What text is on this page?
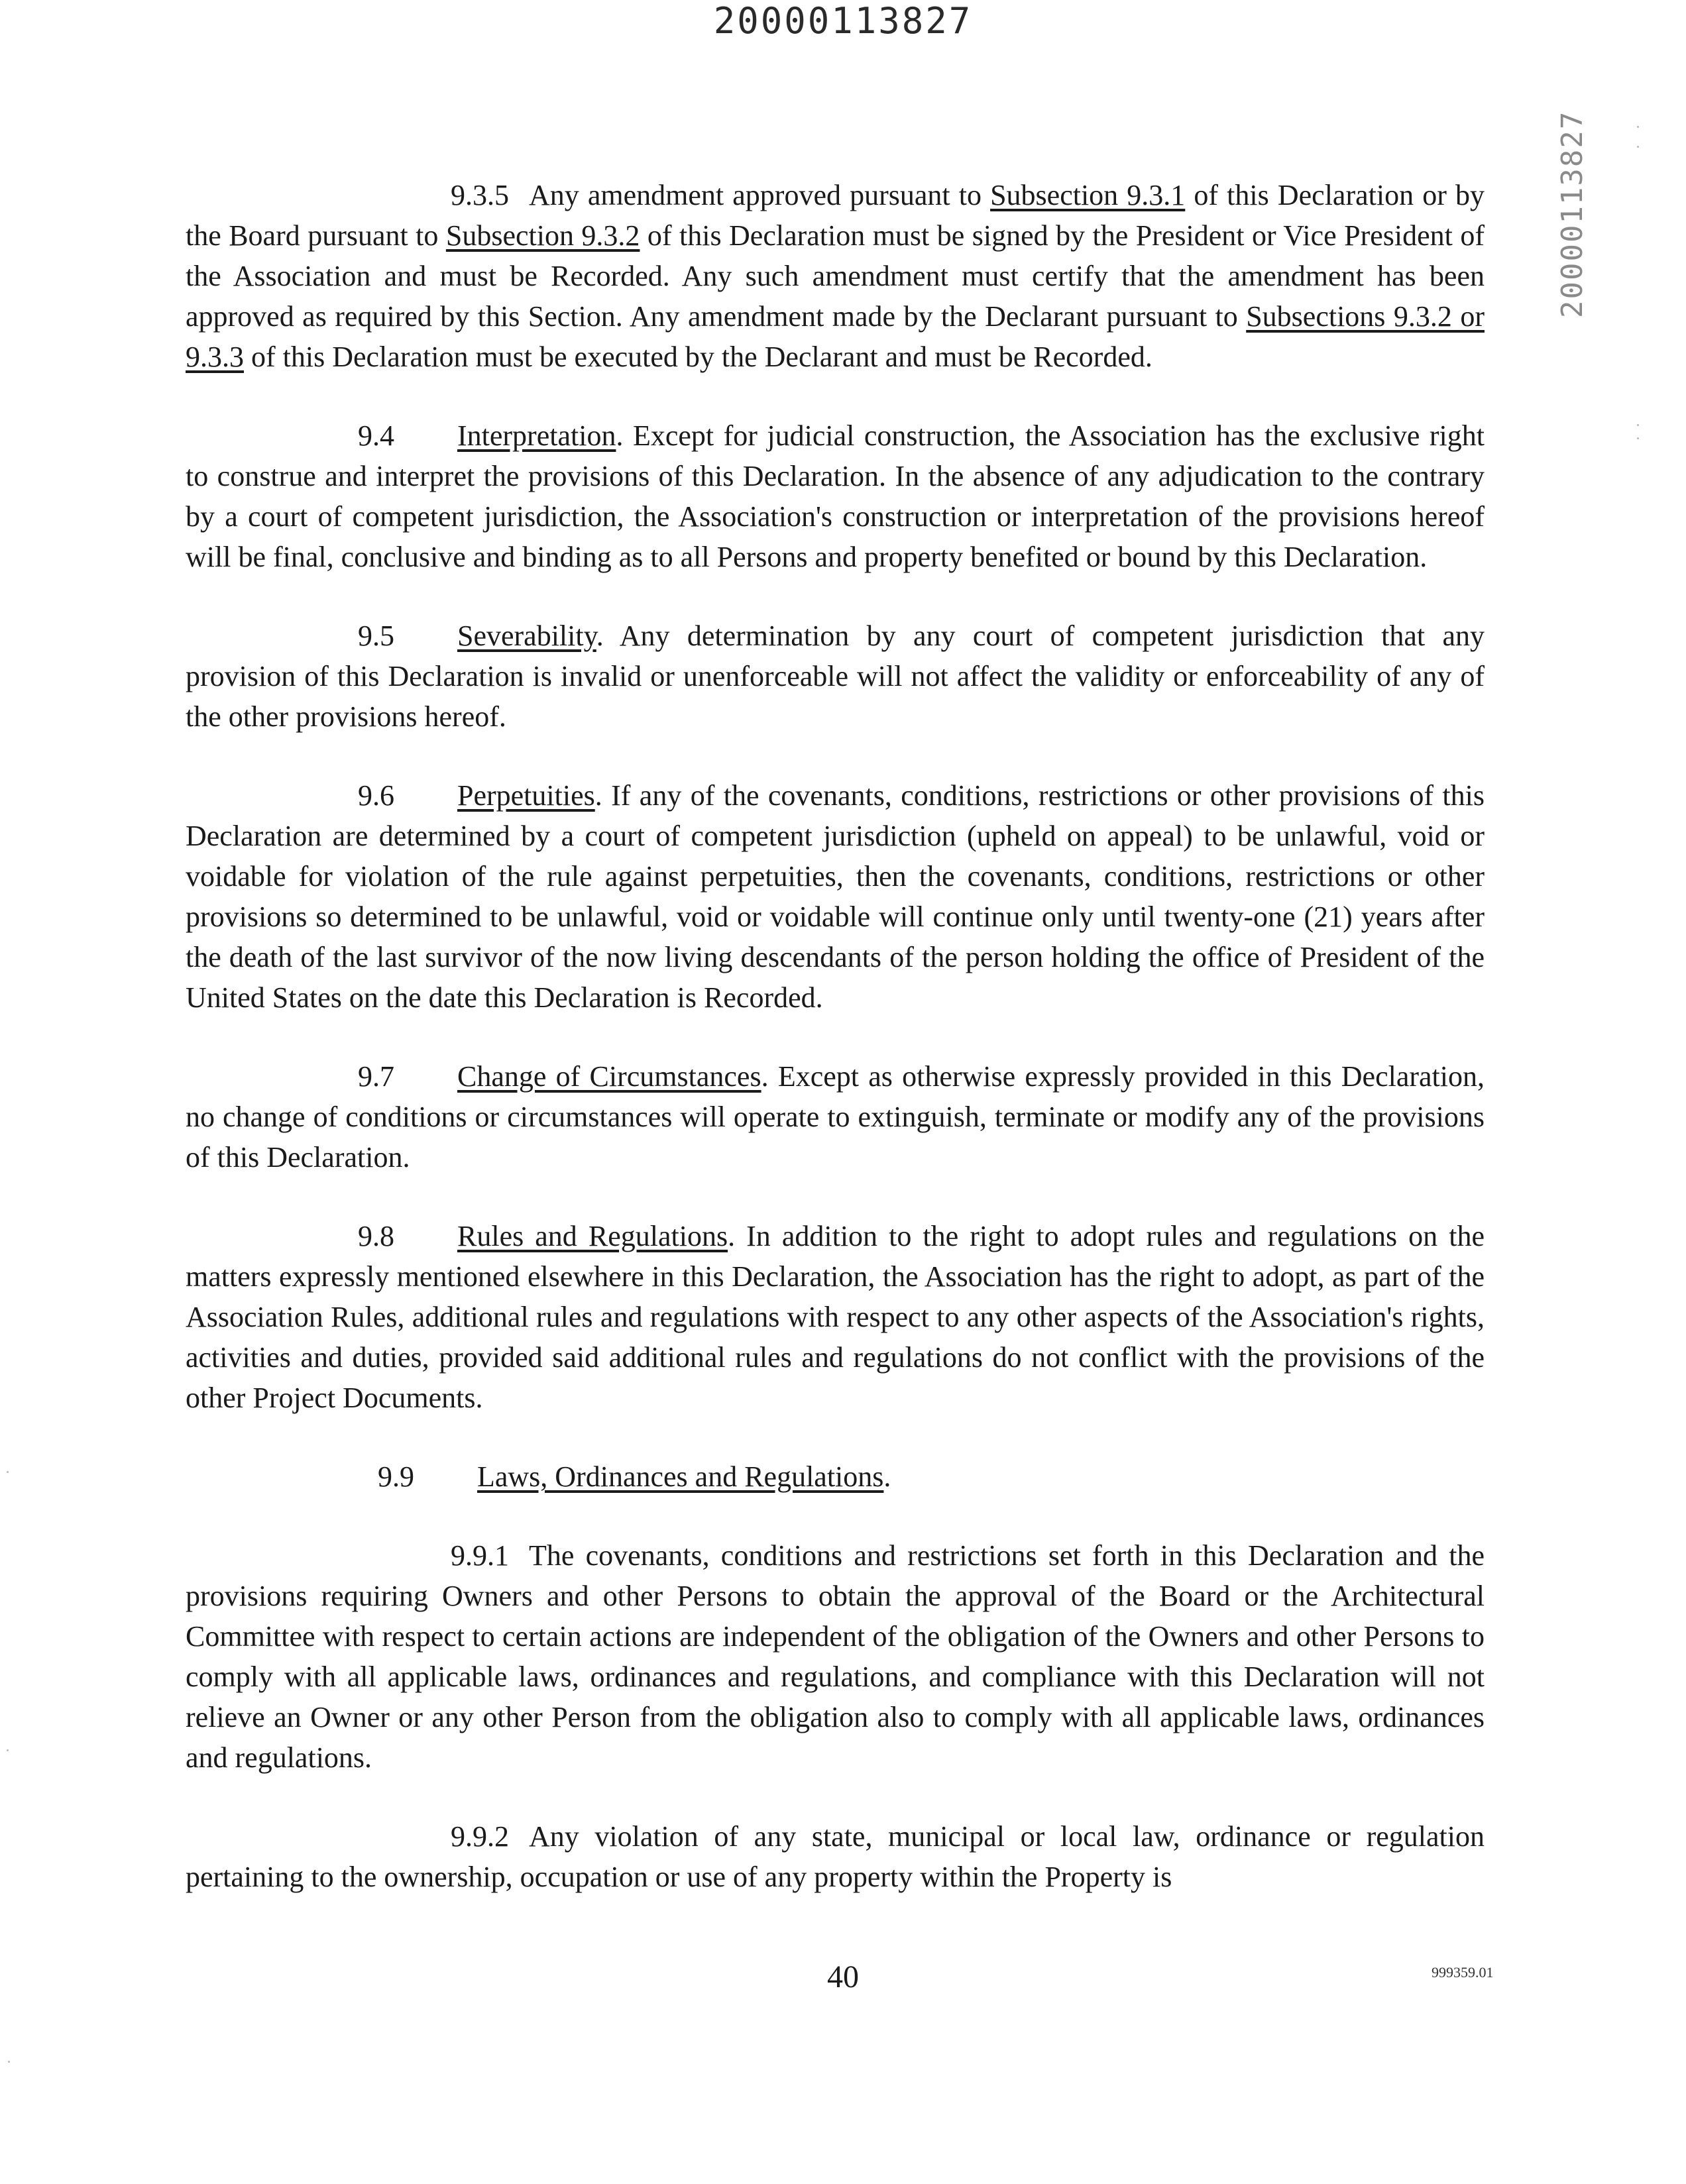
20000113827
20000113827

9.3.5 Any amendment approved pursuant to Subsection 9.3.1 of this Declaration or by the Board pursuant to Subsection 9.3.2 of this Declaration must be signed by the President or Vice President of the Association and must be Recorded. Any such amendment must certify that the amendment has been approved as required by this Section. Any amendment made by the Declarant pursuant to Subsections 9.3.2 or 9.3.3 of this Declaration must be executed by the Declarant and must be Recorded.

9.4 Interpretation. Except for judicial construction, the Association has the exclusive right to construe and interpret the provisions of this Declaration. In the absence of any adjudication to the contrary by a court of competent jurisdiction, the Association's construction or interpretation of the provisions hereof will be final, conclusive and binding as to all Persons and property benefited or bound by this Declaration.

9.5 Severability. Any determination by any court of competent jurisdiction that any provision of this Declaration is invalid or unenforceable will not affect the validity or enforceability of any of the other provisions hereof.

9.6 Perpetuities. If any of the covenants, conditions, restrictions or other provisions of this Declaration are determined by a court of competent jurisdiction (upheld on appeal) to be unlawful, void or voidable for violation of the rule against perpetuities, then the covenants, conditions, restrictions or other provisions so determined to be unlawful, void or voidable will continue only until twenty-one (21) years after the death of the last survivor of the now living descendants of the person holding the office of President of the United States on the date this Declaration is Recorded.

9.7 Change of Circumstances. Except as otherwise expressly provided in this Declaration, no change of conditions or circumstances will operate to extinguish, terminate or modify any of the provisions of this Declaration.

9.8 Rules and Regulations. In addition to the right to adopt rules and regulations on the matters expressly mentioned elsewhere in this Declaration, the Association has the right to adopt, as part of the Association Rules, additional rules and regulations with respect to any other aspects of the Association's rights, activities and duties, provided said additional rules and regulations do not conflict with the provisions of the other Project Documents.

9.9 Laws, Ordinances and Regulations.

9.9.1 The covenants, conditions and restrictions set forth in this Declaration and the provisions requiring Owners and other Persons to obtain the approval of the Board or the Architectural Committee with respect to certain actions are independent of the obligation of the Owners and other Persons to comply with all applicable laws, ordinances and regulations, and compliance with this Declaration will not relieve an Owner or any other Person from the obligation also to comply with all applicable laws, ordinances and regulations.

9.9.2 Any violation of any state, municipal or local law, ordinance or regulation pertaining to the ownership, occupation or use of any property within the Property is

40	999359.01
